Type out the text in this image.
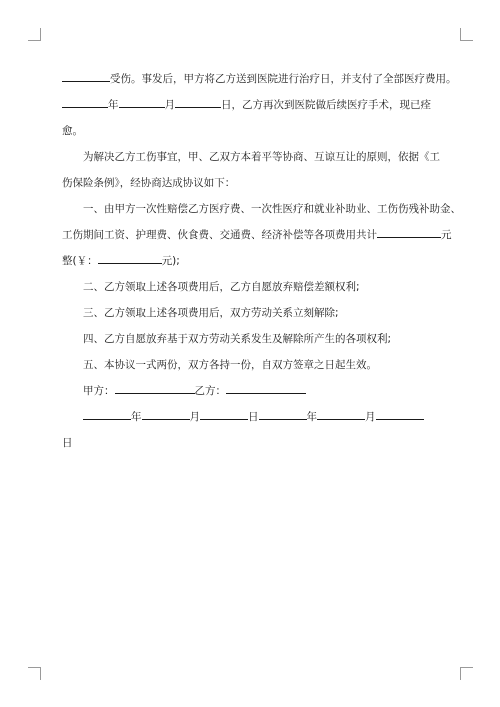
受伤。事发后，甲方将乙方送到医院进行治疗日，并支付了全部医疗费用。

年	月	日，乙方再次到医院做后续医疗手术，现已痊

愈。

为解决乙方工伤事宜，甲、乙双方本着平等协商、互谅互让的原则，依据《工

伤保险条例》，经协商达成协议如下：

一、由甲方一次性赔偿乙方医疗费、一次性医疗和就业补助业、工伤伤残补助金、

工伤期间工资、护理费、伙食费、交通费、经济补偿等各项费用共计	元

整(￥：	元);

二、乙方领取上述各项费用后，乙方自愿放弃赔偿差额权利;

三、乙方领取上述各项费用后，双方劳动关系立刻解除;

四、乙方自愿放弃基于双方劳动关系发生及解除所产生的各项权利;

五、本协议一式两份，双方各持一份，自双方签章之日起生效。

甲方：	乙方：

年	月	日	年	月

日
